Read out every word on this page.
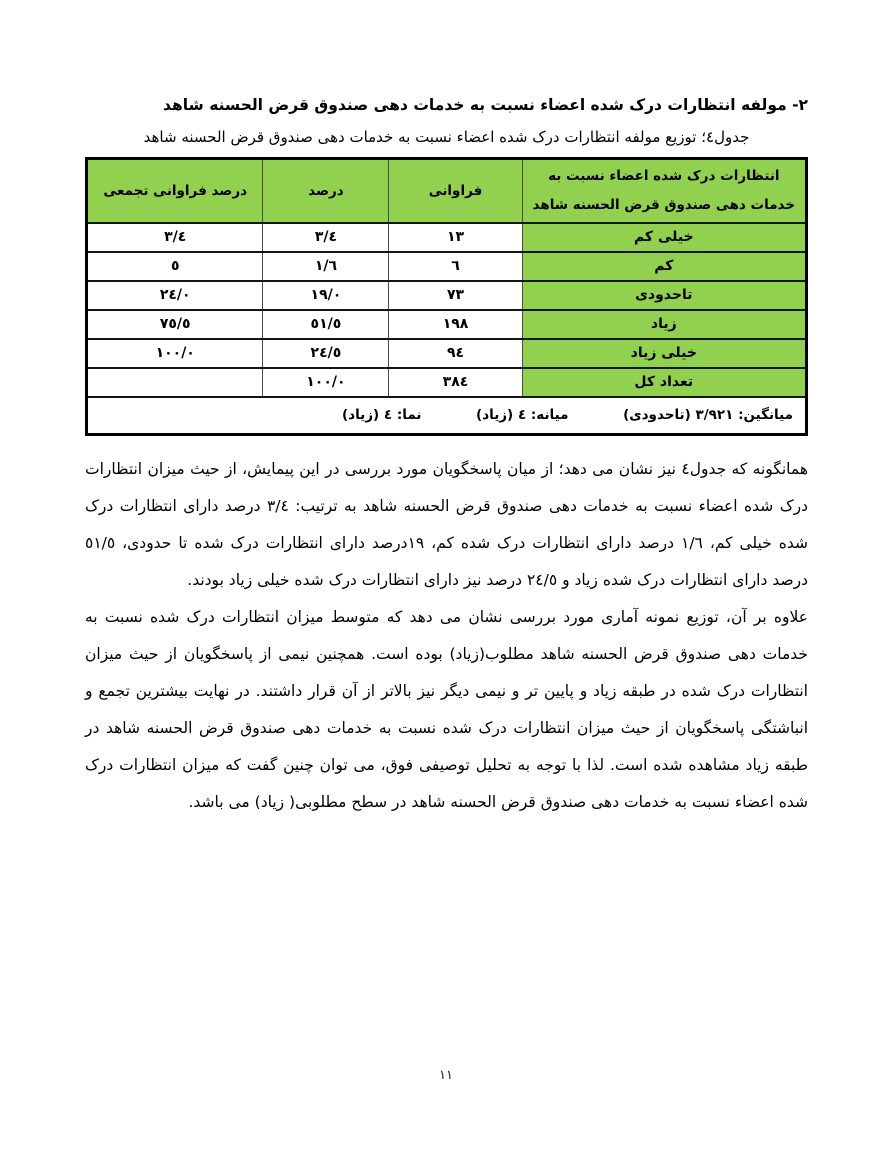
٢- مولفه انتظارات درک شده اعضاء نسبت به خدمات دهی صندوق قرض الحسنه شاهد
جدول٤؛ توزیع مولفه انتظارات درک شده اعضاء نسبت به خدمات دهی صندوق قرض الحسنه شاهد
انتظارات درک شده اعضاء نسبت به
خدمات دهی صندوق قرض الحسنه شاهد	فراوانی	درصد	درصد فراوانی تجمعی
خیلی کم	١٣	٣/٤	٣/٤
کم	٦	١/٦	٥
تاحدودی	٧٣	١٩/٠	٢٤/٠
زیاد	١٩٨	٥١/٥	٧٥/٥
خیلی زیاد	٩٤	٢٤/٥	١٠٠/٠
تعداد کل	٣٨٤	١٠٠/٠	

میانگین: ٣/٩٢١ (تاحدودی)
میانه: ٤ (زیاد)
نما: ٤ (زیاد)			

همانگونه که جدول٤ نیز نشان می دهد؛ از میان پاسخگویان مورد بررسی در این پیمایش، از حیث میزان انتظارات درک شده اعضاء نسبت به خدمات دهی صندوق قرض الحسنه شاهد به ترتیب: ٣/٤ درصد دارای انتظارات درک شده خیلی کم، ١/٦ درصد دارای انتظارات درک شده کم، ١٩درصد دارای انتظارات درک شده تا حدودی، ٥١/٥ درصد دارای انتظارات درک شده زیاد و ٢٤/٥ درصد نیز دارای انتظارات درک شده خیلی زیاد بودند.

علاوه بر آن، توزیع نمونه آماری مورد بررسی نشان می دهد که متوسط میزان انتظارات درک شده نسبت به خدمات دهی صندوق قرض الحسنه شاهد مطلوب(زیاد) بوده است. همچنین نیمی از پاسخگویان از حیث میزان انتظارات درک شده در طبقه زیاد و پایین تر و نیمی دیگر نیز بالاتر از آن قرار داشتند. در نهایت بیشترین تجمع و انباشتگی پاسخگویان از حیث میزان انتظارات درک شده نسبت به خدمات دهی صندوق قرض الحسنه شاهد در طبقه زیاد مشاهده شده است. لذا با توجه به تحلیل توصیفی فوق، می توان چنین گفت که میزان انتظارات درک شده اعضاء نسبت به خدمات دهی صندوق قرض الحسنه شاهد در سطح مطلوبی( زیاد) می باشد.

١١
